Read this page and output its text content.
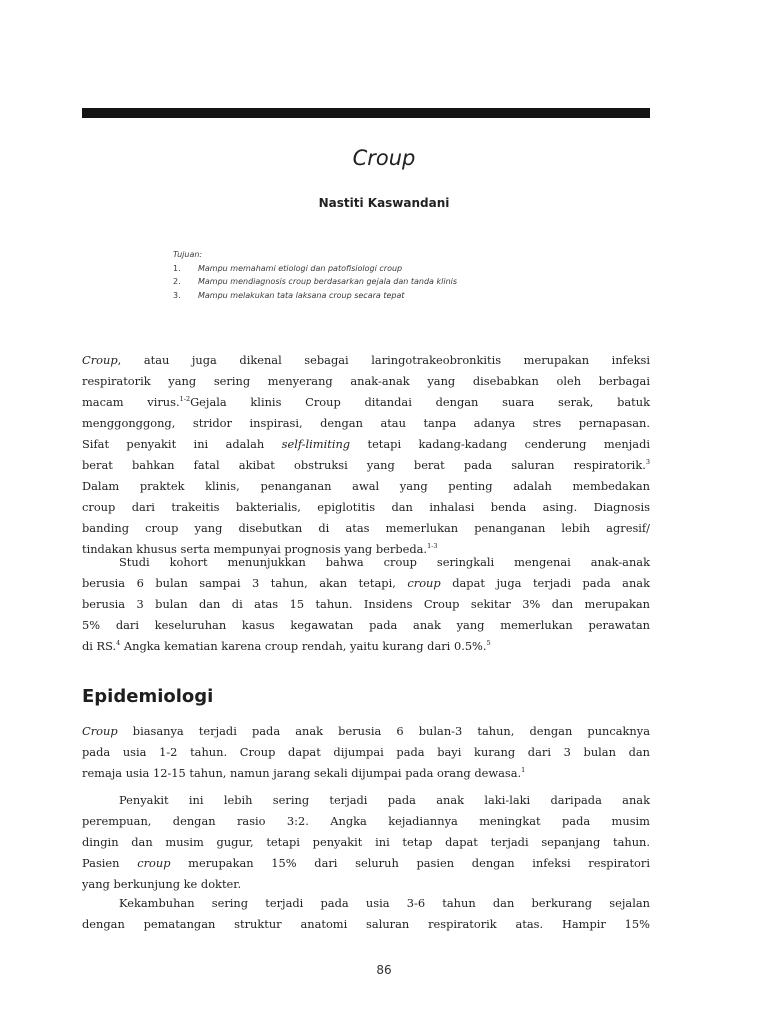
Croup
Nastiti Kaswandani
Tujuan:
1.	Mampu memahami etiologi dan patofisiologi croup
2.	Mampu mendiagnosis croup berdasarkan gejala dan tanda klinis
3.	Mampu melakukan tata laksana croup secara tepat

Croup, atau juga dikenal sebagai laringotrakeobronkitis merupakan infeksi

respiratorik yang sering menyerang anak-anak yang disebabkan oleh berbagai

macam virus.$^{1-2}$Gejala klinis Croup ditandai dengan suara serak, batuk

menggonggong, stridor inspirasi, dengan atau tanpa adanya stres pernapasan.

Sifat penyakit ini adalah self-limiting tetapi kadang-kadang cenderung menjadi

berat bahkan fatal akibat obstruksi yang berat pada saluran respiratorik.$^3$

Dalam praktek klinis, penanganan awal yang penting adalah membedakan

croup dari trakeitis bakterialis, epiglotitis dan inhalasi benda asing. Diagnosis

banding croup yang disebutkan di atas memerlukan penanganan lebih agresif/

tindakan khusus serta mempunyai prognosis yang berbeda.$^{1-3}$

Studi kohort menunjukkan bahwa croup seringkali mengenai anak-anak

berusia 6 bulan sampai 3 tahun, akan tetapi, croup dapat juga terjadi pada anak

berusia 3 bulan dan di atas 15 tahun. Insidens Croup sekitar 3% dan merupakan

5% dari keseluruhan kasus kegawatan pada anak yang memerlukan perawatan

di RS.$^4$ Angka kematian karena croup rendah, yaitu kurang dari 0.5%.$^5$

Epidemiologi

Croup biasanya terjadi pada anak berusia 6 bulan-3 tahun, dengan puncaknya

pada usia 1-2 tahun. Croup dapat dijumpai pada bayi kurang dari 3 bulan dan

remaja usia 12-15 tahun, namun jarang sekali dijumpai pada orang dewasa.$^1$

Penyakit ini lebih sering terjadi pada anak laki-laki daripada anak

perempuan, dengan rasio 3:2. Angka kejadiannya meningkat pada musim

dingin dan musim gugur, tetapi penyakit ini tetap dapat terjadi sepanjang tahun.

Pasien croup merupakan 15% dari seluruh pasien dengan infeksi respiratori

yang berkunjung ke dokter.

Kekambuhan sering terjadi pada usia 3-6 tahun dan berkurang sejalan

dengan pematangan struktur anatomi saluran respiratorik atas. Hampir 15%

86
